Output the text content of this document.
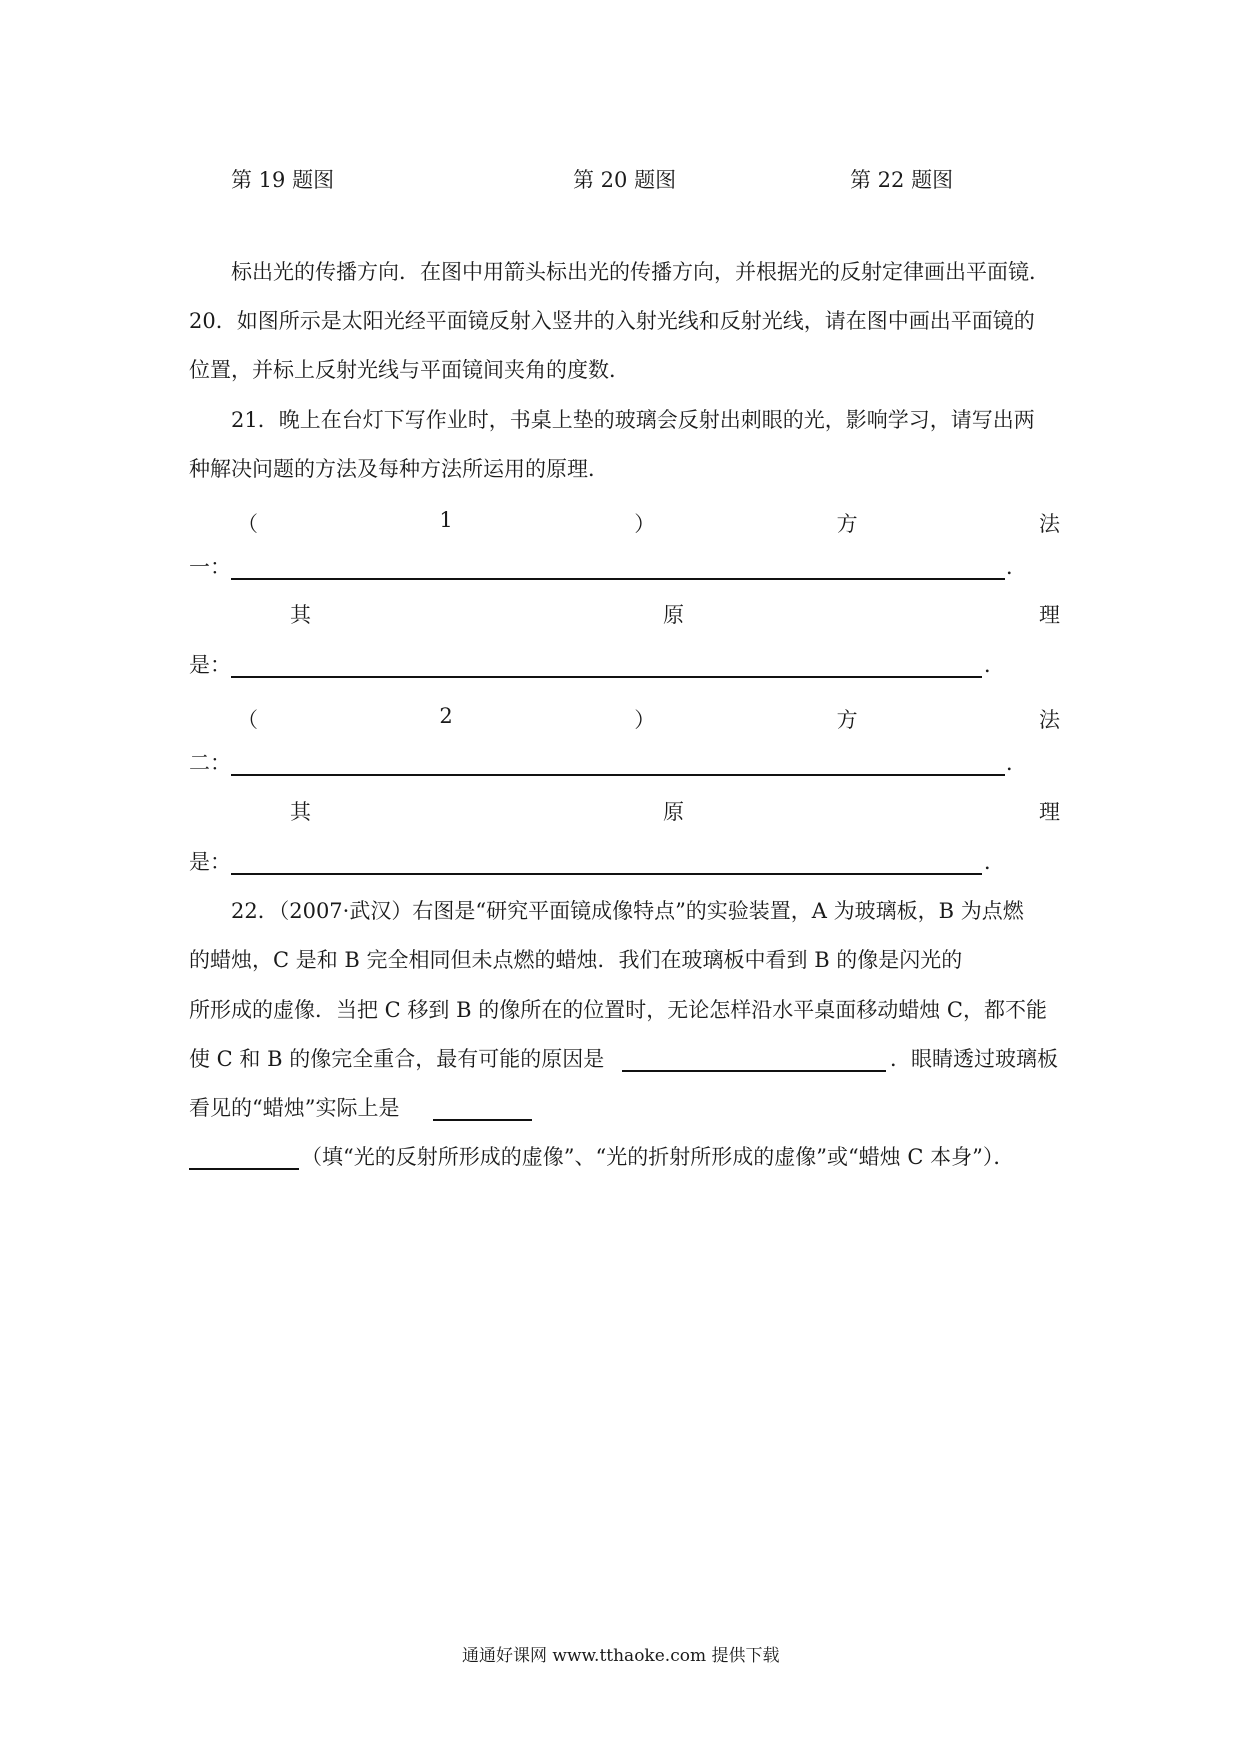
第 19 题图	第 20 题图	第 22 题图
标出光的传播方向．在图中用箭头标出光的传播方向，并根据光的反射定律画出平面镜．
20．如图所示是太阳光经平面镜反射入竖井的入射光线和反射光线，请在图中画出平面镜的
位置，并标上反射光线与平面镜间夹角的度数．
21．晚上在台灯下写作业时，书桌上垫的玻璃会反射出刺眼的光，影响学习，请写出两
种解决问题的方法及每种方法所运用的原理．
（	1	）	方	法
一：	．
其	原	理
是：	．
（	2	）	方	法
二：	．
其	原	理
是：	．
22．（2007·武汉）右图是“研究平面镜成像特点”的实验装置，A 为玻璃板，B 为点燃
的蜡烛，C 是和 B 完全相同但未点燃的蜡烛．我们在玻璃板中看到 B 的像是闪光的
所形成的虚像．当把 C 移到 B 的像所在的位置时，无论怎样沿水平桌面移动蜡烛 C，都不能
使 C 和 B 的像完全重合，最有可能的原因是	．眼睛透过玻璃板
看见的“蜡烛”实际上是
（填“光的反射所形成的虚像”、“光的折射所形成的虚像”或“蜡烛 C 本身”）．
通通好课网 www.tthaoke.com 提供下载
